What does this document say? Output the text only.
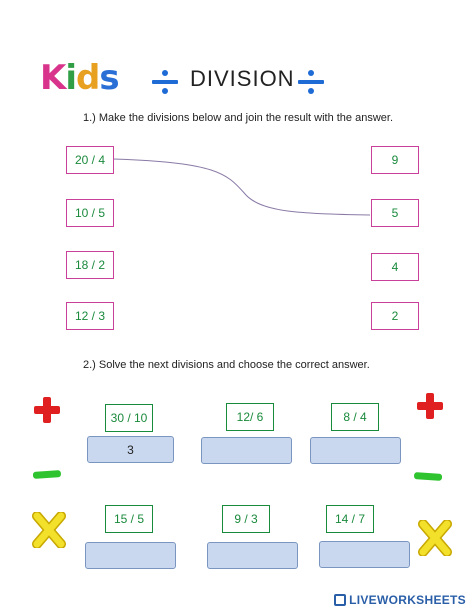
K i d s	DIVISION
1.) Make the divisions below and join the result with the answer.
20 / 4
10 / 5
18 / 2
12 / 3
9
5
4
2
2.) Solve the next divisions and choose the correct answer.
30 / 10	12/ 6	8 / 4
3
15 / 5	9 / 3	14 / 7
LIVEWORKSHEETS
